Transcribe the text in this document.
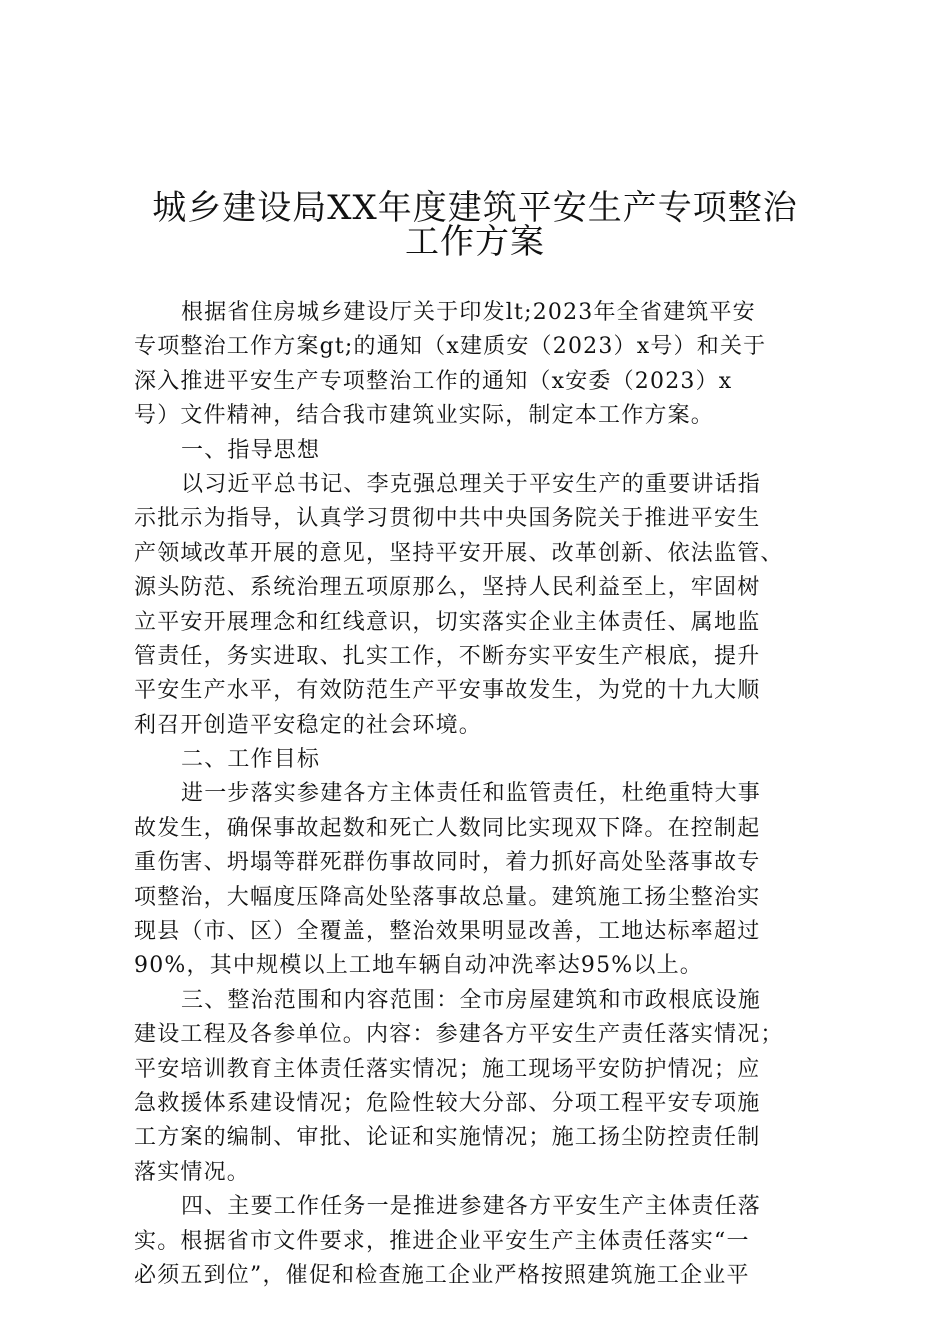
城乡建设局XX年度建筑平安生产专项整治
工作方案
根据省住房城乡建设厅关于印发lt;2023年全省建筑平安
专项整治工作方案gt;的通知（x建质安（2023）x号）和关于
深入推进平安生产专项整治工作的通知（x安委（2023）x
号）文件精神，结合我市建筑业实际，制定本工作方案。
一、指导思想
以习近平总书记、李克强总理关于平安生产的重要讲话指
示批示为指导，认真学习贯彻中共中央国务院关于推进平安生
产领域改革开展的意见，坚持平安开展、改革创新、依法监管、
源头防范、系统治理五项原那么，坚持人民利益至上，牢固树
立平安开展理念和红线意识，切实落实企业主体责任、属地监
管责任，务实进取、扎实工作，不断夯实平安生产根底，提升
平安生产水平，有效防范生产平安事故发生，为党的十九大顺
利召开创造平安稳定的社会环境。
二、工作目标
进一步落实参建各方主体责任和监管责任，杜绝重特大事
故发生，确保事故起数和死亡人数同比实现双下降。在控制起
重伤害、坍塌等群死群伤事故同时，着力抓好高处坠落事故专
项整治，大幅度压降高处坠落事故总量。建筑施工扬尘整治实
现县（市、区）全覆盖，整治效果明显改善，工地达标率超过
90%，其中规模以上工地车辆自动冲洗率达95%以上。
三、整治范围和内容范围：全市房屋建筑和市政根底设施
建设工程及各参单位。内容：参建各方平安生产责任落实情况；
平安培训教育主体责任落实情况；施工现场平安防护情况；应
急救援体系建设情况；危险性较大分部、分项工程平安专项施
工方案的编制、审批、论证和实施情况；施工扬尘防控责任制
落实情况。
四、主要工作任务一是推进参建各方平安生产主体责任落
实。根据省市文件要求，推进企业平安生产主体责任落实“一
必须五到位”，催促和检查施工企业严格按照建筑施工企业平
